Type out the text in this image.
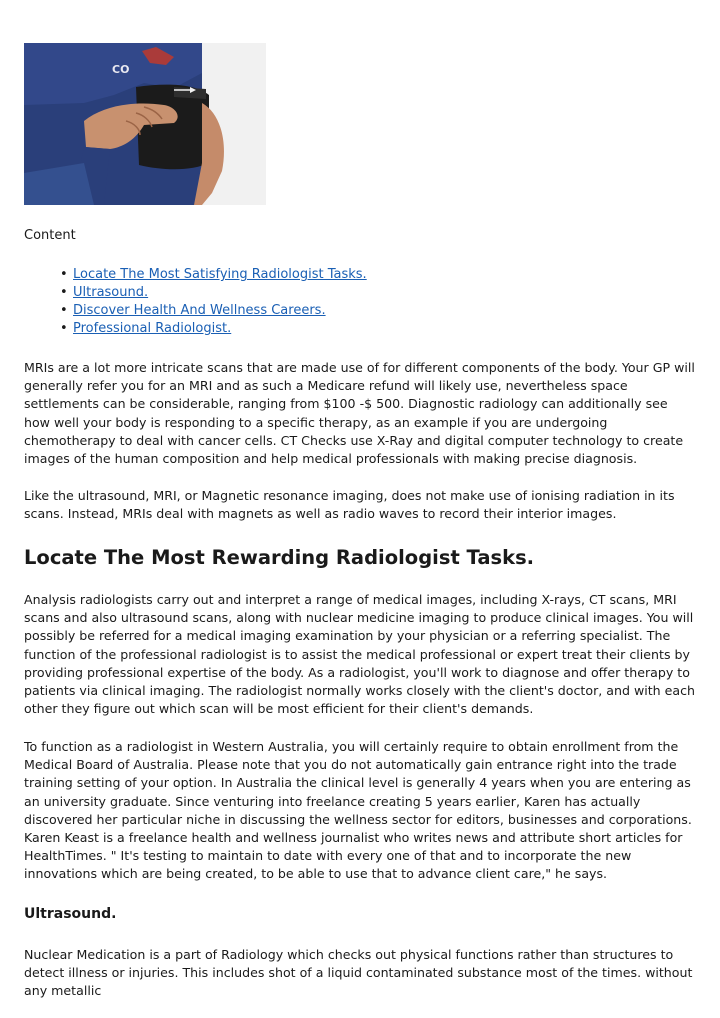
CO
Content
• Locate The Most Satisfying Radiologist Tasks.
• Ultrasound.
• Discover Health And Wellness Careers.
• Professional Radiologist.

MRIs are a lot more intricate scans that are made use of for different components of the body. Your GP will generally refer you for an MRI and as such a Medicare refund will likely use, nevertheless space settlements can be considerable, ranging from $100 -$ 500. Diagnostic radiology can additionally see how well your body is responding to a specific therapy, as an example if you are undergoing chemotherapy to deal with cancer cells. CT Checks use X-Ray and digital computer technology to create images of the human composition and help medical professionals with making precise diagnosis.

Like the ultrasound, MRI, or Magnetic resonance imaging, does not make use of ionising radiation in its scans. Instead, MRIs deal with magnets as well as radio waves to record their interior images.

Locate The Most Rewarding Radiologist Tasks.

Analysis radiologists carry out and interpret a range of medical images, including X-rays, CT scans, MRI scans and also ultrasound scans, along with nuclear medicine imaging to produce clinical images. You will possibly be referred for a medical imaging examination by your physician or a referring specialist. The function of the professional radiologist is to assist the medical professional or expert treat their clients by providing professional expertise of the body. As a radiologist, you'll work to diagnose and offer therapy to patients via clinical imaging. The radiologist normally works closely with the client's doctor, and with each other they figure out which scan will be most efficient for their client's demands.

To function as a radiologist in Western Australia, you will certainly require to obtain enrollment from the Medical Board of Australia. Please note that you do not automatically gain entrance right into the trade training setting of your option. In Australia the clinical level is generally 4 years when you are entering as an university graduate. Since venturing into freelance creating 5 years earlier, Karen has actually discovered her particular niche in discussing the wellness sector for editors, businesses and corporations. Karen Keast is a freelance health and wellness journalist who writes news and attribute short articles for HealthTimes. " It's testing to maintain to date with every one of that and to incorporate the new innovations which are being created, to be able to use that to advance client care," he says.

Ultrasound.

Nuclear Medication is a part of Radiology which checks out physical functions rather than structures to detect illness or injuries. This includes shot of a liquid contaminated substance most of the times. without any metallic
